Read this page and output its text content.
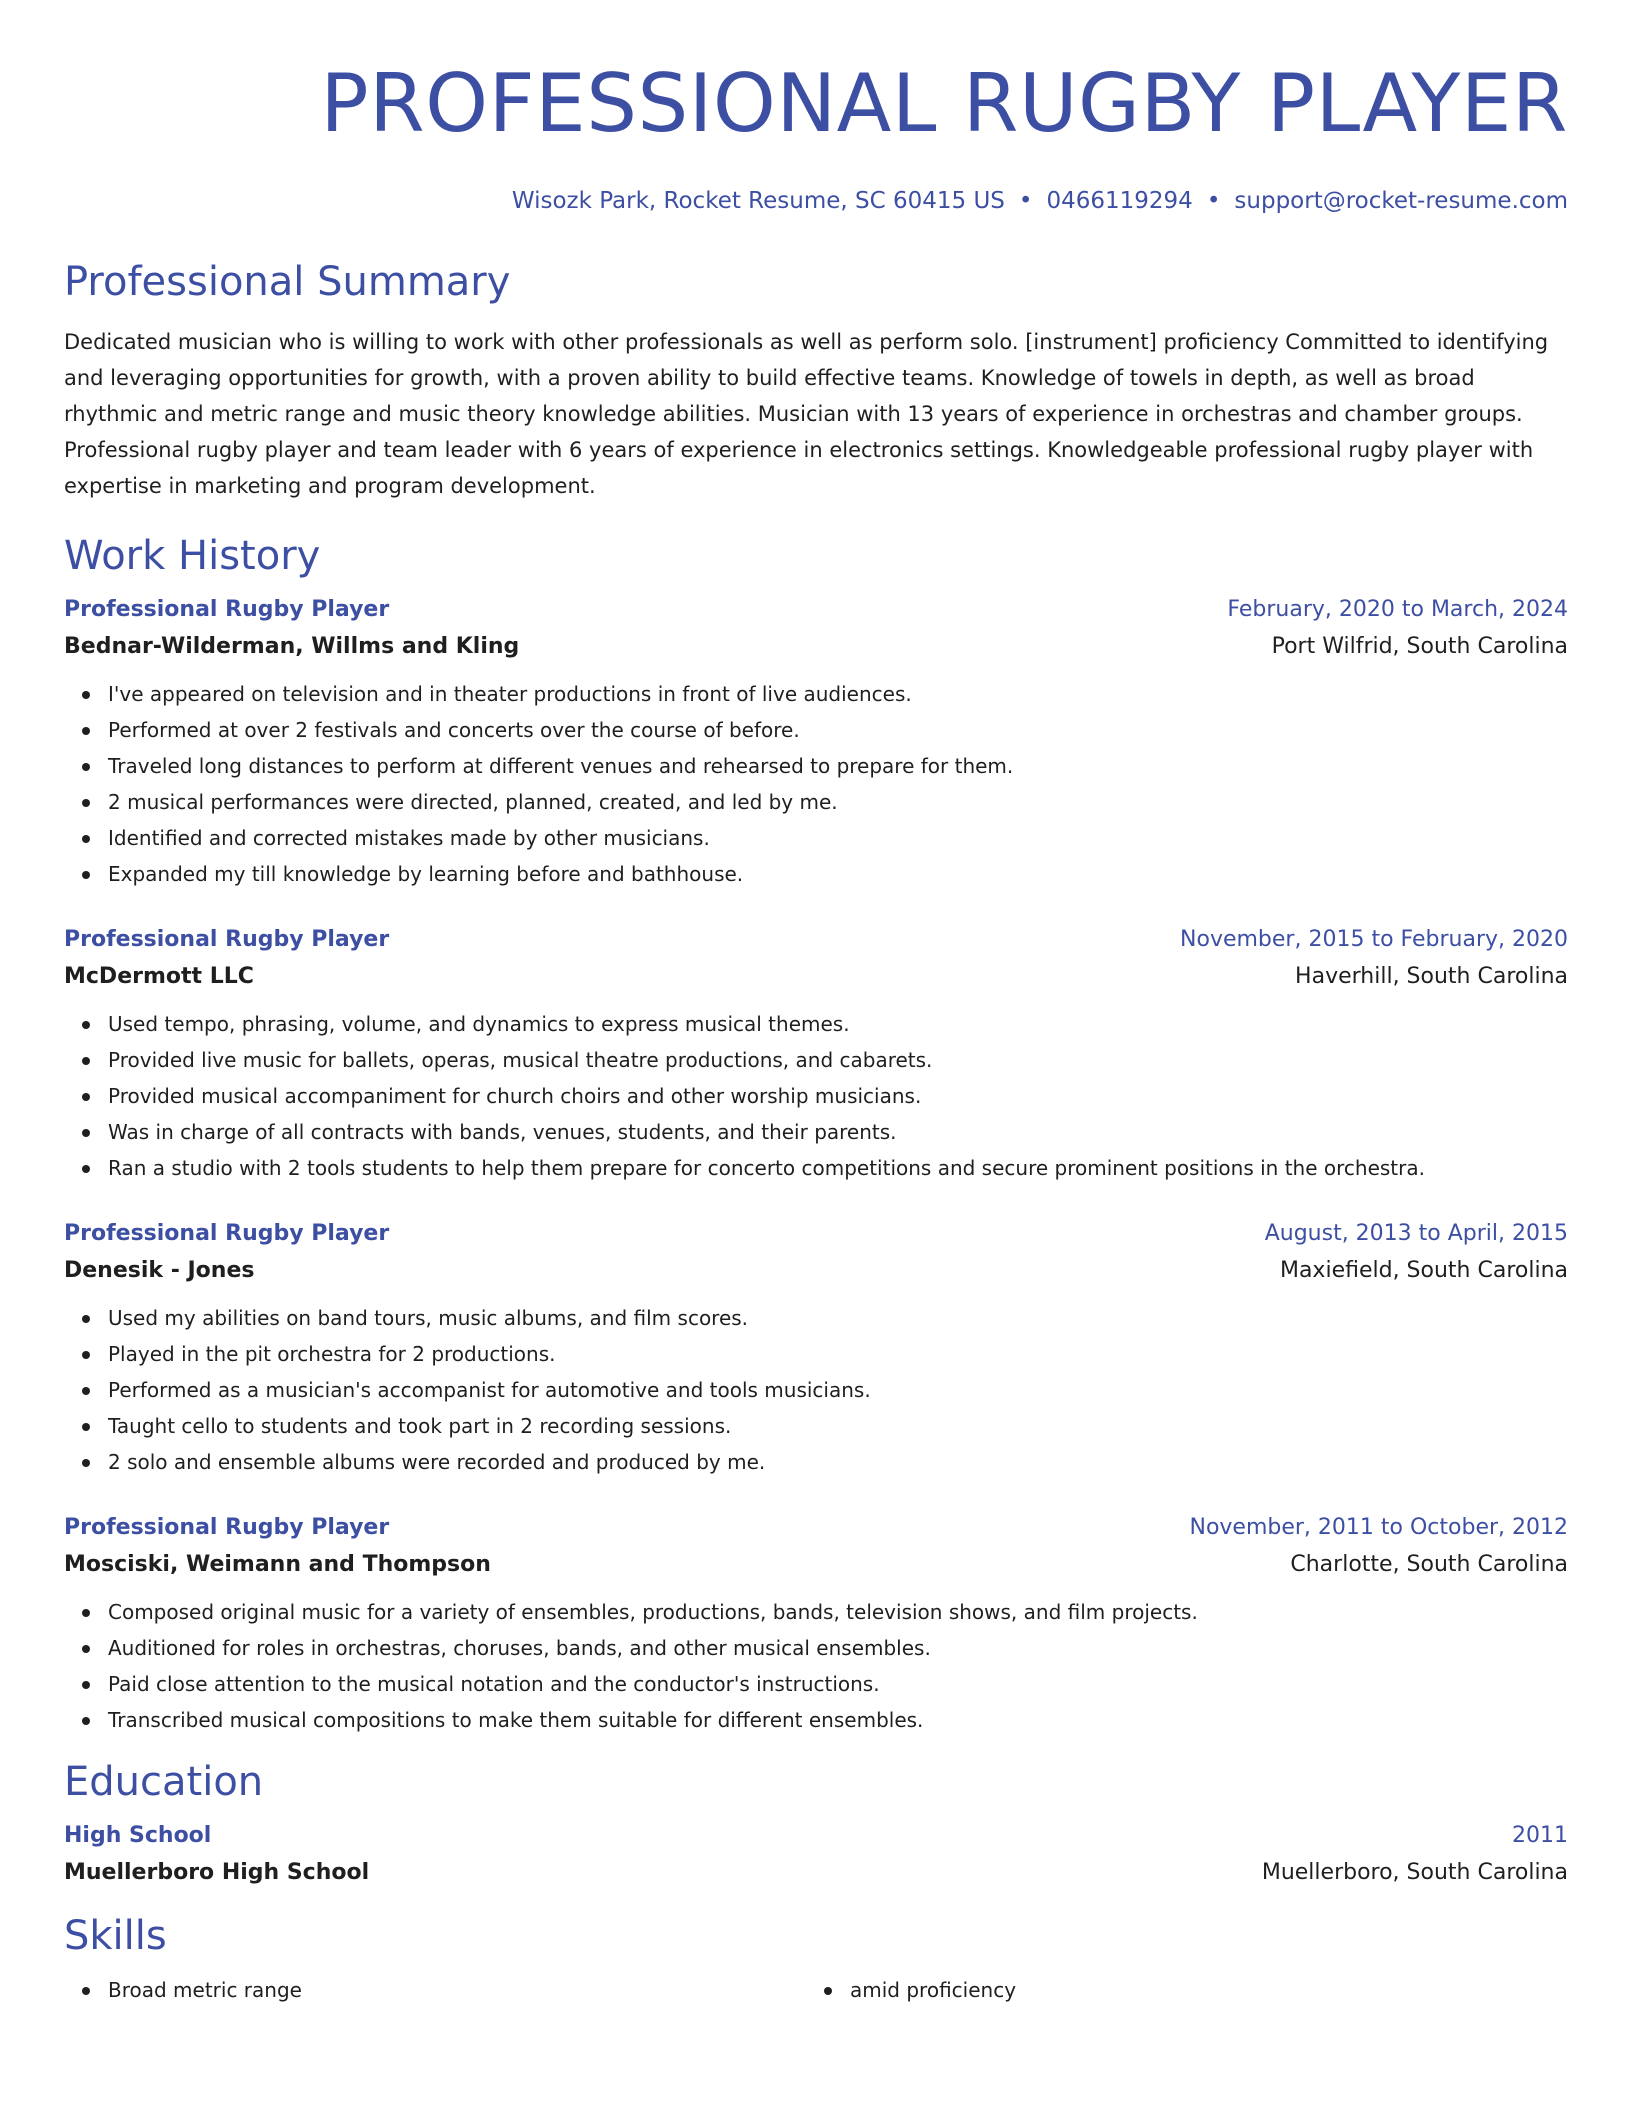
PROFESSIONAL RUGBY PLAYER
Wisozk Park, Rocket Resume, SC 60415 US • 0466119294 • support@rocket-resume.com
Professional Summary
Dedicated musician who is willing to work with other professionals as well as perform solo. [instrument] proficiency Committed to identifying and leveraging opportunities for growth, with a proven ability to build effective teams. Knowledge of towels in depth, as well as broad rhythmic and metric range and music theory knowledge abilities. Musician with 13 years of experience in orchestras and chamber groups. Professional rugby player and team leader with 6 years of experience in electronics settings. Knowledgeable professional rugby player with expertise in marketing and program development.
Work History
Professional Rugby Player	February, 2020 to March, 2024
Bednar-Wilderman, Willms and Kling	Port Wilfrid, South Carolina
I've appeared on television and in theater productions in front of live audiences.
Performed at over 2 festivals and concerts over the course of before.
Traveled long distances to perform at different venues and rehearsed to prepare for them.
2 musical performances were directed, planned, created, and led by me.
Identified and corrected mistakes made by other musicians.
Expanded my till knowledge by learning before and bathhouse.
Professional Rugby Player	November, 2015 to February, 2020
McDermott LLC	Haverhill, South Carolina
Used tempo, phrasing, volume, and dynamics to express musical themes.
Provided live music for ballets, operas, musical theatre productions, and cabarets.
Provided musical accompaniment for church choirs and other worship musicians.
Was in charge of all contracts with bands, venues, students, and their parents.
Ran a studio with 2 tools students to help them prepare for concerto competitions and secure prominent positions in the orchestra.
Professional Rugby Player	August, 2013 to April, 2015
Denesik - Jones	Maxiefield, South Carolina
Used my abilities on band tours, music albums, and film scores.
Played in the pit orchestra for 2 productions.
Performed as a musician's accompanist for automotive and tools musicians.
Taught cello to students and took part in 2 recording sessions.
2 solo and ensemble albums were recorded and produced by me.
Professional Rugby Player	November, 2011 to October, 2012
Mosciski, Weimann and Thompson	Charlotte, South Carolina
Composed original music for a variety of ensembles, productions, bands, television shows, and film projects.
Auditioned for roles in orchestras, choruses, bands, and other musical ensembles.
Paid close attention to the musical notation and the conductor's instructions.
Transcribed musical compositions to make them suitable for different ensembles.
Education
High School	2011
Muellerboro High School	Muellerboro, South Carolina
Skills
Broad metric range	amid proficiency
